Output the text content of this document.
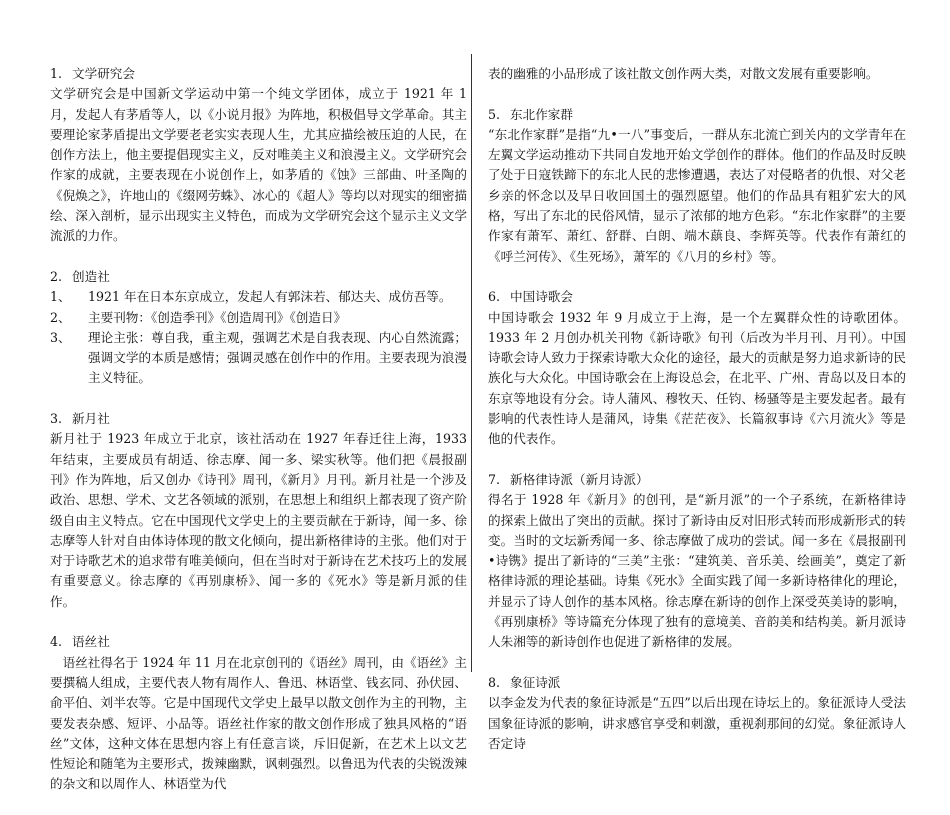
1. 文学研究会

文学研究会是中国新文学运动中第一个纯文学团体，成立于 1921 年 1 月，发起人有茅盾等人，以《小说月报》为阵地，积极倡导文学革命。其主要理论家茅盾提出文学要老老实实表现人生，尤其应描绘被压迫的人民，在创作方法上，他主要提倡现实主义，反对唯美主义和浪漫主义。文学研究会作家的成就，主要表现在小说创作上，如茅盾的《蚀》三部曲、叶圣陶的《倪焕之》，许地山的《缀网劳蛛》、冰心的《超人》等均以对现实的细密描绘、深入剖析，显示出现实主义特色，而成为文学研究会这个显示主义文学流派的力作。

2. 创造社

1、	1921 年在日本东京成立，发起人有郭沫若、郁达夫、成仿吾等。
2、	主要刊物：《创造季刊》《创造周刊》《创造日》
3、	理论主张：尊自我，重主观，强调艺术是自我表现、内心自然流露；强调文学的本质是感情；强调灵感在创作中的作用。主要表现为浪漫主义特征。

3. 新月社

新月社于 1923 年成立于北京，该社活动在 1927 年春迁往上海，1933 年结束，主要成员有胡适、徐志摩、闻一多、梁实秋等。他们把《晨报副刊》作为阵地，后又创办《诗刊》周刊，《新月》月刊。新月社是一个涉及政治、思想、学术、文艺各领域的派别，在思想上和组织上都表现了资产阶级自由主义特点。它在中国现代文学史上的主要贡献在于新诗，闻一多、徐志摩等人针对自由体诗体现的散文化倾向，提出新格律诗的主张。他们对于对于诗歌艺术的追求带有唯美倾向，但在当时对于新诗在艺术技巧上的发展有重要意义。徐志摩的《再别康桥》、闻一多的《死水》等是新月派的佳作。

4. 语丝社

语丝社得名于 1924 年 11 月在北京创刊的《语丝》周刊，由《语丝》主要撰稿人组成，主要代表人物有周作人、鲁迅、林语堂、钱玄同、孙伏园、俞平伯、刘半农等。它是中国现代文学史上最早以散文创作为主的刊物，主要发表杂感、短评、小品等。语丝社作家的散文创作形成了独具风格的“语丝”文体，这种文体在思想内容上有任意言谈，斥旧促新，在艺术上以文艺性短论和随笔为主要形式，拨辣幽默，讽刺强烈。以鲁迅为代表的尖锐泼辣的杂文和以周作人、林语堂为代

表的幽雅的小品形成了该社散文创作两大类，对散文发展有重要影响。

5. 东北作家群

“东北作家群”是指“九•一八”事变后，一群从东北流亡到关内的文学青年在左翼文学运动推动下共同自发地开始文学创作的群体。他们的作品及时反映了处于日寇铁蹄下的东北人民的悲惨遭遇，表达了对侵略者的仇恨、对父老乡亲的怀念以及早日收回国土的强烈愿望。他们的作品具有粗犷宏大的风格，写出了东北的民俗风情，显示了浓郁的地方色彩。“东北作家群”的主要作家有萧军、萧红、舒群、白朗、端木蕻良、李辉英等。代表作有萧红的《呼兰河传》、《生死场》，萧军的《八月的乡村》等。

6. 中国诗歌会

中国诗歌会 1932 年 9 月成立于上海，是一个左翼群众性的诗歌团体。1933 年 2 月创办机关刊物《新诗歌》旬刊（后改为半月刊、月刊）。中国诗歌会诗人致力于探索诗歌大众化的途径，最大的贡献是努力追求新诗的民族化与大众化。中国诗歌会在上海设总会，在北平、广州、青岛以及日本的东京等地设有分会。诗人蒲风、穆牧天、任钧、杨骚等是主要发起者。最有影响的代表性诗人是蒲风，诗集《茫茫夜》、长篇叙事诗《六月流火》等是他的代表作。

7. 新格律诗派（新月诗派）

得名于 1928 年《新月》的创刊，是“新月派”的一个子系统，在新格律诗的探索上做出了突出的贡献。探讨了新诗由反对旧形式转而形成新形式的转变。当时的文坛新秀闻一多、徐志摩做了成功的尝试。闻一多在《晨报副刊•诗镌》提出了新诗的“三美”主张：“建筑美、音乐美、绘画美”，奠定了新格律诗派的理论基础。诗集《死水》全面实践了闻一多新诗格律化的理论，并显示了诗人创作的基本风格。徐志摩在新诗的创作上深受英美诗的影响，《再别康桥》等诗篇充分体现了独有的意境美、音韵美和结构美。新月派诗人朱湘等的新诗创作也促进了新格律的发展。

8. 象征诗派

以李金发为代表的象征诗派是“五四”以后出现在诗坛上的。象征派诗人受法国象征诗派的影响，讲求感官享受和刺激，重视刹那间的幻觉。象征派诗人否定诗
